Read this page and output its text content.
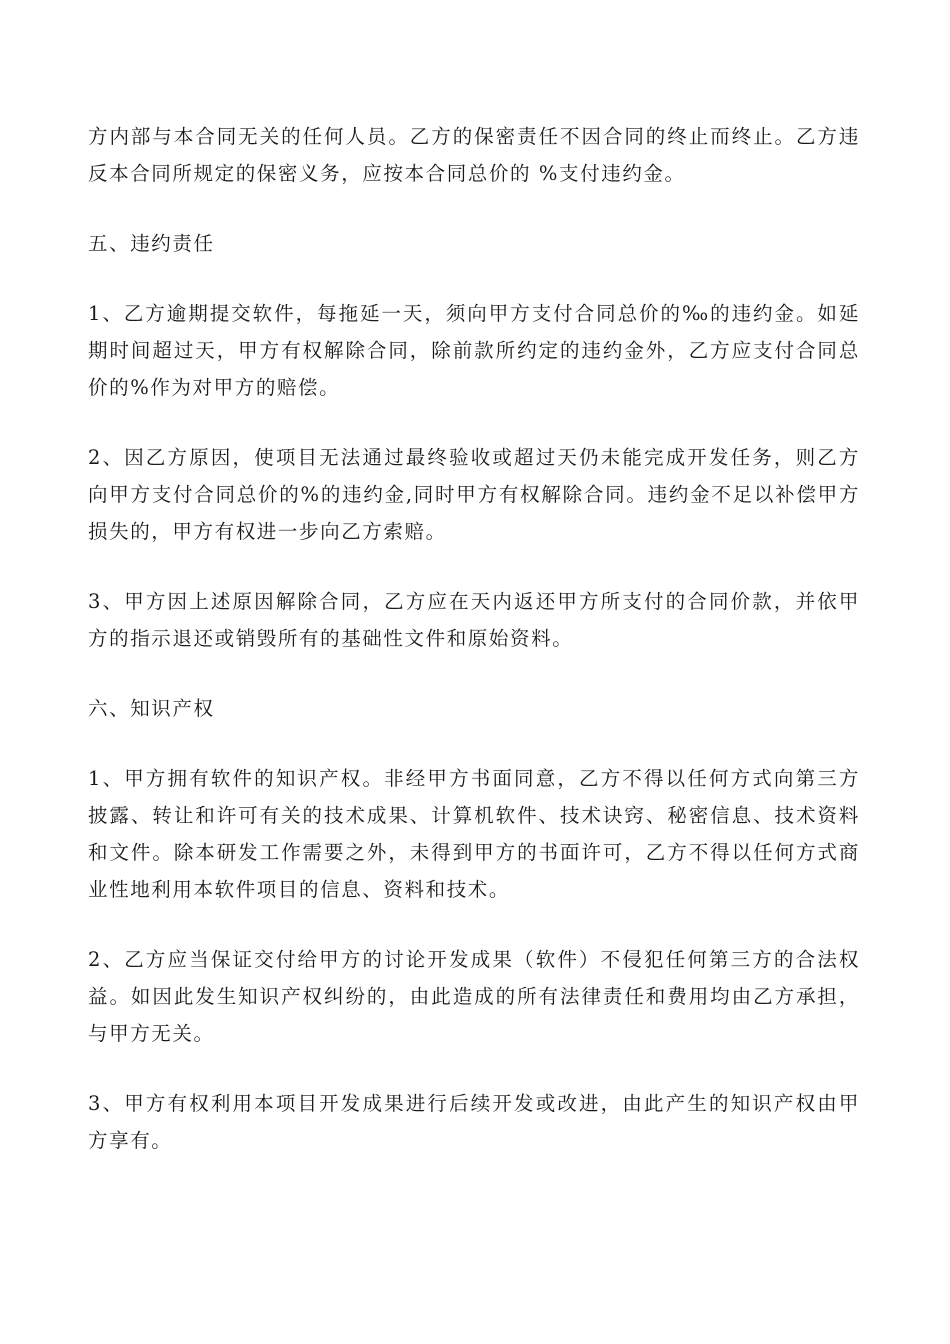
方内部与本合同无关的任何人员。乙方的保密责任不因合同的终止而终止。乙方违反本合同所规定的保密义务，应按本合同总价的 %支付违约金。

五、违约责任

1、乙方逾期提交软件，每拖延一天，须向甲方支付合同总价的‰的违约金。如延期时间超过天，甲方有权解除合同，除前款所约定的违约金外，乙方应支付合同总价的%作为对甲方的赔偿。

2、因乙方原因，使项目无法通过最终验收或超过天仍未能完成开发任务，则乙方向甲方支付合同总价的%的违约金,同时甲方有权解除合同。违约金不足以补偿甲方损失的，甲方有权进一步向乙方索赔。

3、甲方因上述原因解除合同，乙方应在天内返还甲方所支付的合同价款，并依甲方的指示退还或销毁所有的基础性文件和原始资料。

六、知识产权

1、甲方拥有软件的知识产权。非经甲方书面同意，乙方不得以任何方式向第三方披露、转让和许可有关的技术成果、计算机软件、技术诀窍、秘密信息、技术资料和文件。除本研发工作需要之外，未得到甲方的书面许可，乙方不得以任何方式商业性地利用本软件项目的信息、资料和技术。

2、乙方应当保证交付给甲方的讨论开发成果（软件）不侵犯任何第三方的合法权益。如因此发生知识产权纠纷的，由此造成的所有法律责任和费用均由乙方承担，与甲方无关。

3、甲方有权利用本项目开发成果进行后续开发或改进，由此产生的知识产权由甲方享有。
